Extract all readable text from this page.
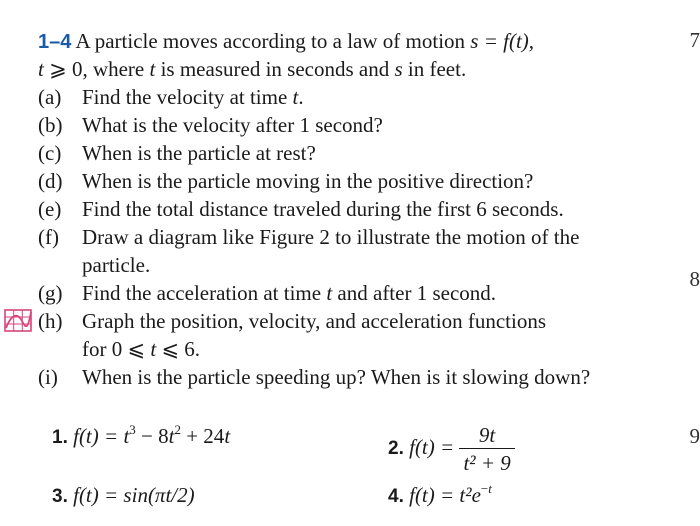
1–4 A particle moves according to a law of motion s = f(t),
t ⩾ 0, where t is measured in seconds and s in feet.
(a) Find the velocity at time t.
(b) What is the velocity after 1 second?
(c) When is the particle at rest?
(d) When is the particle moving in the positive direction?
(e) Find the total distance traveled during the first 6 seconds.
(f) Draw a diagram like Figure 2 to illustrate the motion of the
particle.
(g) Find the acceleration at time t and after 1 second.
(h) Graph the position, velocity, and acceleration functions
for 0 ⩽ t ⩽ 6.
(i) When is the particle speeding up? When is it slowing down?
1. $f(t) = t^3 - 8t^2 + 24t$
2. $f(t) = \frac{9t}{\text{t² + 9}}$
3. f(t) = sin(πt/2)	4. $f(t) = t^2e^{-t}$
7
8
9
